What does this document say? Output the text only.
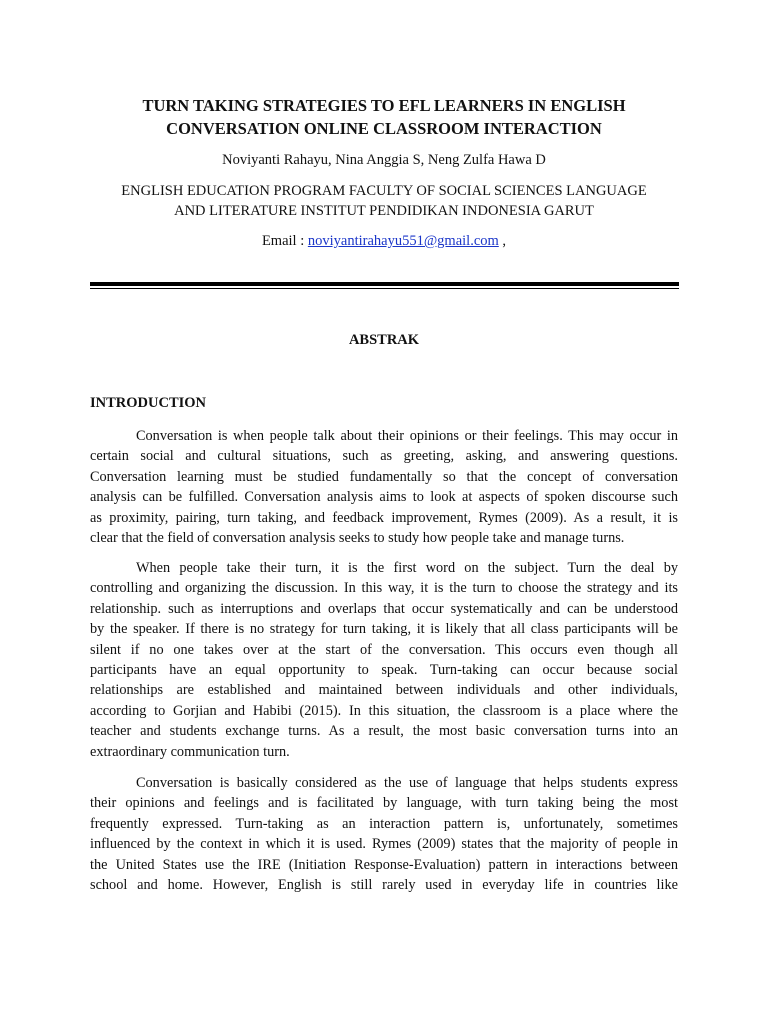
TURN TAKING STRATEGIES TO EFL LEARNERS IN ENGLISH
CONVERSATION ONLINE CLASSROOM INTERACTION
Noviyanti Rahayu, Nina Anggia S, Neng Zulfa Hawa D
ENGLISH EDUCATION PROGRAM FACULTY OF SOCIAL SCIENCES LANGUAGE
AND LITERATURE INSTITUT PENDIDIKAN INDONESIA GARUT
Email : noviyantirahayu551@gmail.com ,
ABSTRAK
INTRODUCTION
Conversation is when people talk about their opinions or their feelings. This may occur in
certain social and cultural situations, such as greeting, asking, and answering questions.
Conversation learning must be studied fundamentally so that the concept of conversation
analysis can be fulfilled. Conversation analysis aims to look at aspects of spoken discourse such
as proximity, pairing, turn taking, and feedback improvement, Rymes (2009). As a result, it is
clear that the field of conversation analysis seeks to study how people take and manage turns.
When people take their turn, it is the first word on the subject. Turn the deal by
controlling and organizing the discussion. In this way, it is the turn to choose the strategy and its
relationship. such as interruptions and overlaps that occur systematically and can be understood
by the speaker. If there is no strategy for turn taking, it is likely that all class participants will be
silent if no one takes over at the start of the conversation. This occurs even though all
participants have an equal opportunity to speak. Turn-taking can occur because social
relationships are established and maintained between individuals and other individuals,
according to Gorjian and Habibi (2015). In this situation, the classroom is a place where the
teacher and students exchange turns. As a result, the most basic conversation turns into an
extraordinary communication turn.
Conversation is basically considered as the use of language that helps students express
their opinions and feelings and is facilitated by language, with turn taking being the most
frequently expressed. Turn-taking as an interaction pattern is, unfortunately, sometimes
influenced by the context in which it is used. Rymes (2009) states that the majority of people in
the United States use the IRE (Initiation Response-Evaluation) pattern in interactions between
school and home. However, English is still rarely used in everyday life in countries like
